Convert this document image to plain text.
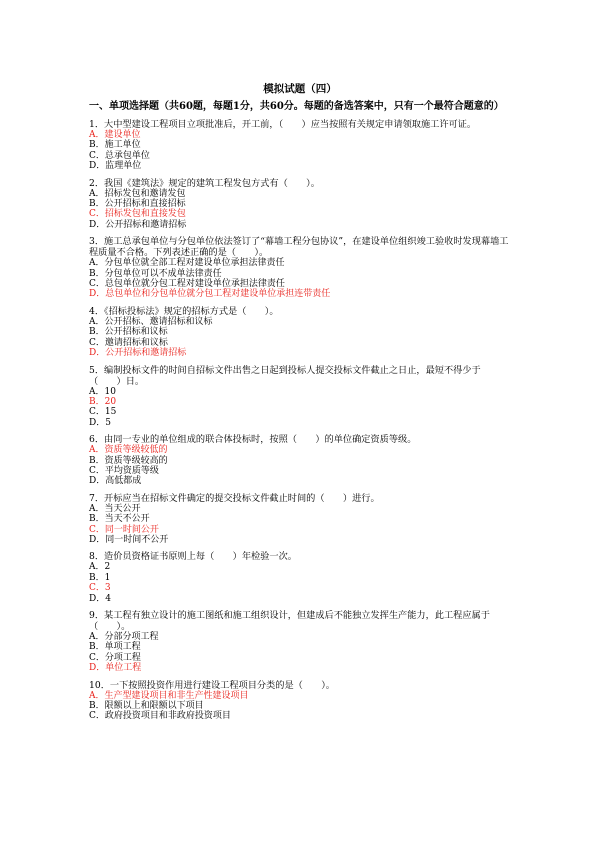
模拟试题（四）
一、单项选择题（共60题，每题1分，共60分。每题的备选答案中，只有一个最符合题意的）
1．大中型建设工程项目立项批准后，开工前，（　　）应当按照有关规定申请领取施工许可证。
A．建设单位
B．施工单位
C．总承包单位
D．监理单位
2．我国《建筑法》规定的建筑工程发包方式有（　　）。
A．招标发包和邀请发包
B．公开招标和直接招标
C．招标发包和直接发包
D．公开招标和邀请招标
3．施工总承包单位与分包单位依法签订了“幕墙工程分包协议”，在建设单位组织竣工验收时发现幕墙工程质量不合格。下列表述正确的是（　　）。
A．分包单位就全部工程对建设单位承担法律责任
B．分包单位可以不成单法律责任
C．总包单位就分包工程对建设单位承担法律责任
D．总包单位和分包单位就分包工程对建设单位承担连带责任
4．《招标投标法》规定的招标方式是（　　）。
A．公开招标、邀请招标和议标
B．公开招标和议标
C．邀请招标和议标
D．公开招标和邀请招标
5．编制投标文件的时间自招标文件出售之日起到投标人提交投标文件截止之日止，最短不得少于（　　）日。
A．10
B．20
C．15
D．5
6．由同一专业的单位组成的联合体投标时，按照（　　）的单位确定资质等级。
A．资质等级较低的
B．资质等级较高的
C．平均资质等级
D．高低都成
7．开标应当在招标文件确定的提交投标文件截止时间的（　　）进行。
A．当天公开
B．当天不公开
C．同一时间公开
D．同一时间不公开
8．造价员资格证书原则上每（　　）年检验一次。
A．2
B．1
C．3
D．4
9．某工程有独立设计的施工图纸和施工组织设计，但建成后不能独立发挥生产能力，此工程应属于（　　）。
A．分部分项工程
B．单项工程
C．分项工程
D．单位工程
10．一下按照投资作用进行建设工程项目分类的是（　　）。
A．生产型建设项目和非生产性建设项目
B．限额以上和限额以下项目
C．政府投资项目和非政府投资项目
